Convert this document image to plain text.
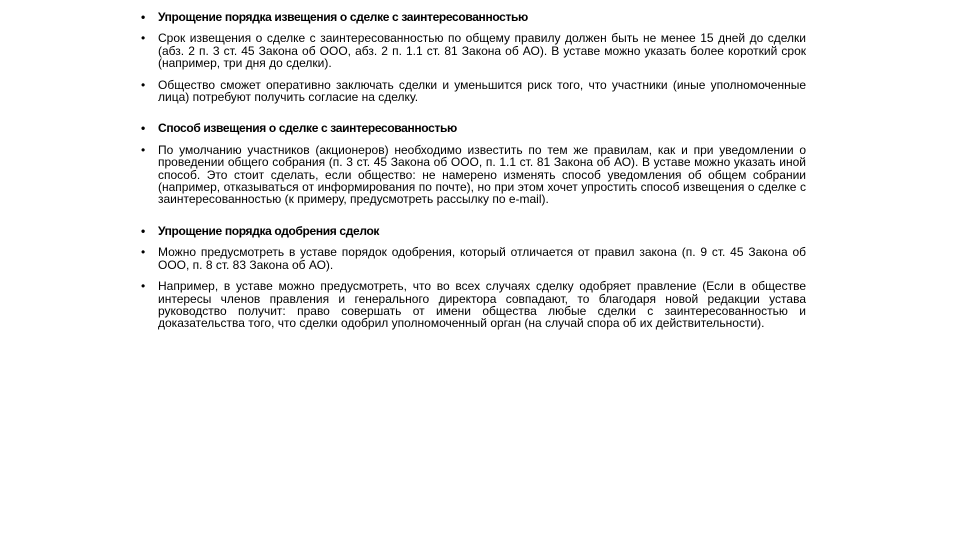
• Упрощение порядка извещения о сделке с заинтересованностью
• Срок извещения о сделке с заинтересованностью по общему правилу должен быть не менее 15 дней до сделки (абз. 2 п. 3 ст. 45 Закона об ООО, абз. 2 п. 1.1 ст. 81 Закона об АО). В уставе можно указать более короткий срок (например, три дня до сделки).
• Общество сможет оперативно заключать сделки и уменьшится риск того, что участники (иные уполномоченные лица) потребуют получить согласие на сделку.
• Способ извещения о сделке с заинтересованностью
• По умолчанию участников (акционеров) необходимо известить по тем же правилам, как и при уведомлении о проведении общего собрания (п. 3 ст. 45 Закона об ООО, п. 1.1 ст. 81 Закона об АО). В уставе можно указать иной способ. Это стоит сделать, если общество: не намерено изменять способ уведомления об общем собрании (например, отказываться от информирования по почте), но при этом хочет упростить способ извещения о сделке с заинтересованностью (к примеру, предусмотреть рассылку по e-mail).
• Упрощение порядка одобрения сделок
• Можно предусмотреть в уставе порядок одобрения, который отличается от правил закона (п. 9 ст. 45 Закона об ООО, п. 8 ст. 83 Закона об АО).
• Например, в уставе можно предусмотреть, что во всех случаях сделку одобряет правление (Если в обществе интересы членов правления и генерального директора совпадают, то благодаря новой редакции устава руководство получит: право совершать от имени общества любые сделки с заинтересованностью и доказательства того, что сделки одобрил уполномоченный орган (на случай спора об их действительности).
